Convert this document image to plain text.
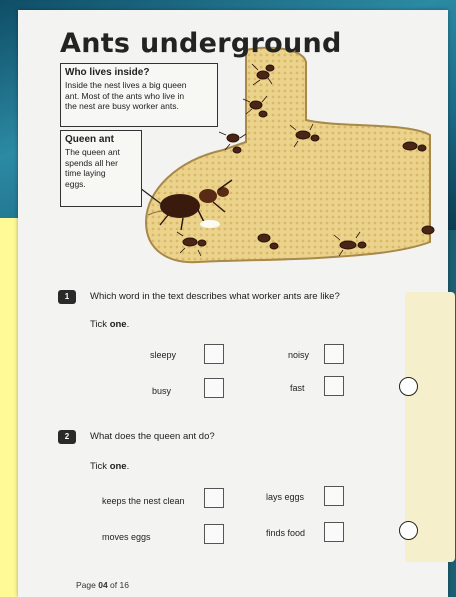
Ants underground
Who lives inside?
Inside the nest lives a big queen
ant. Most of the ants who live in
the nest are busy worker ants.
Queen ant
The queen ant
spends all her
time laying
eggs.
1	Which word in the text describes what worker ants are like?
Tick one.
sleepy	noisy
busy	fast
2	What does the queen ant do?
Tick one.
keeps the nest clean	lays eggs
moves eggs	finds food
Page 04 of 16
